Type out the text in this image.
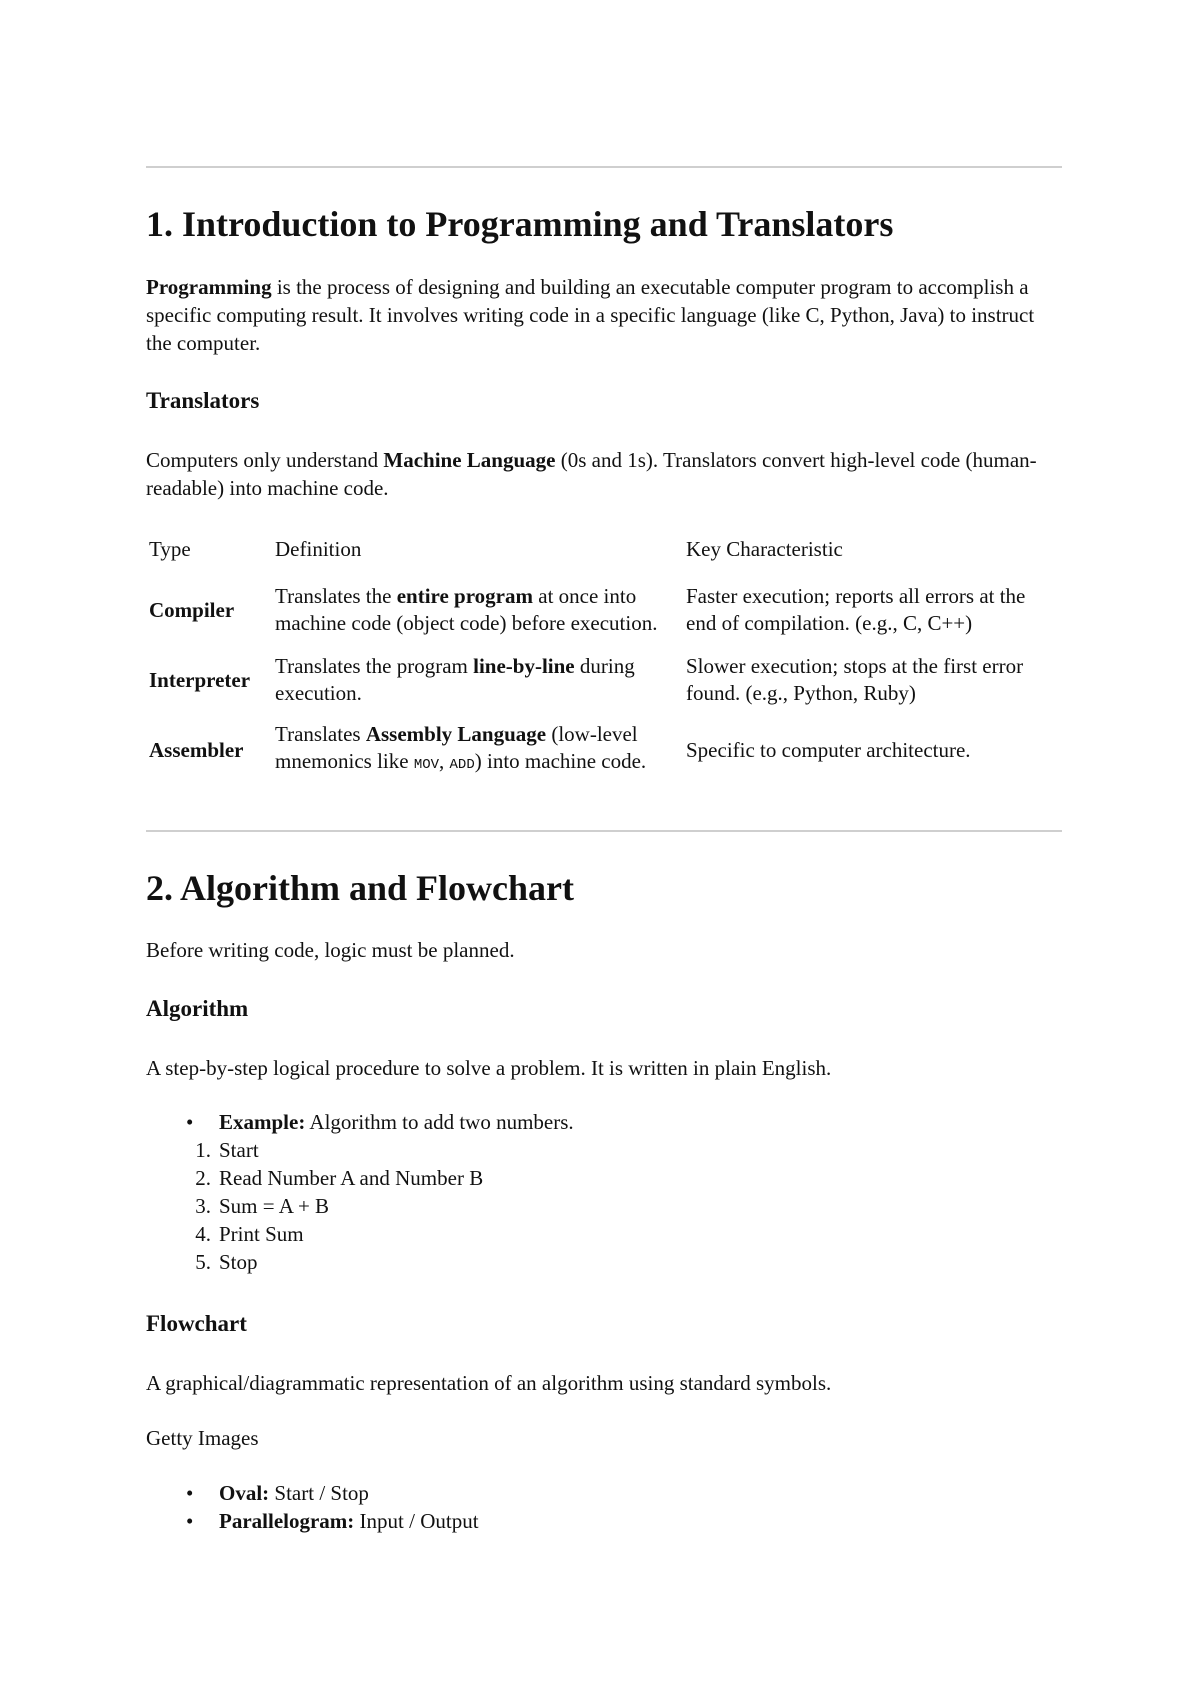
1. Introduction to Programming and Translators

Programming is the process of designing and building an executable computer program to accomplish a specific computing result. It involves writing code in a specific language (like C, Python, Java) to instruct the computer.

Translators

Computers only understand Machine Language (0s and 1s). Translators convert high-level code (human-readable) into machine code.

Type	Definition	Key Characteristic
Compiler	Translates the entire program at once into machine code (object code) before execution.	Faster execution; reports all errors at the end of compilation. (e.g., C, C++)
Interpreter	Translates the program line-by-line during execution.	Slower execution; stops at the first error found. (e.g., Python, Ruby)
Assembler	Translates Assembly Language (low-level mnemonics like MOV, ADD) into machine code.	Specific to computer architecture.
2. Algorithm and Flowchart

Before writing code, logic must be planned.

Algorithm

A step-by-step logical procedure to solve a problem. It is written in plain English.

• Example: Algorithm to add two numbers.
1. Start
2. Read Number A and Number B
3. Sum = A + B
4. Print Sum
5. Stop
Flowchart

A graphical/diagrammatic representation of an algorithm using standard symbols.

Getty Images

• Oval: Start / Stop
• Parallelogram: Input / Output
